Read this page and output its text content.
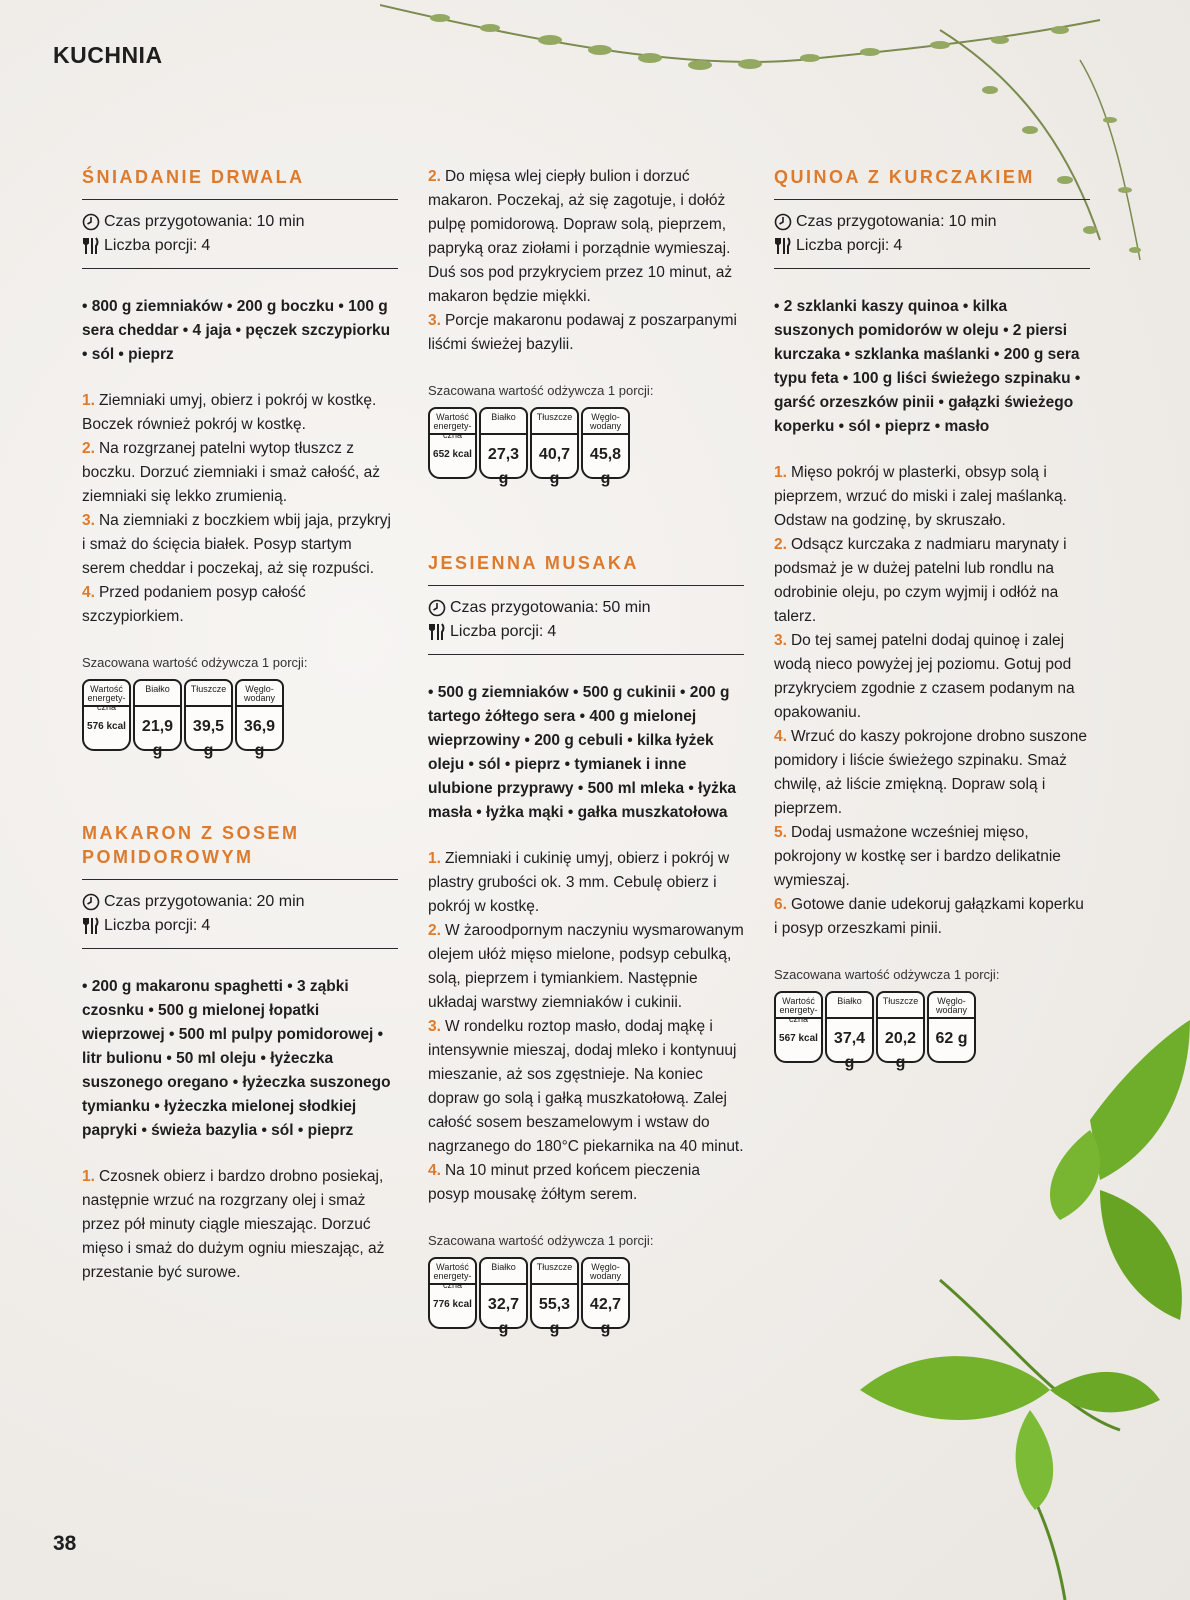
KUCHNIA
38
ŚNIADANIE DRWALA
Czas przygotowania: 10 min
Liczba porcji: 4
• 800 g ziemniaków • 200 g boczku • 100 g sera cheddar • 4 jaja • pęczek szczypiorku • sól • pieprz

1. Ziemniaki umyj, obierz i pokrój w kostkę. Boczek również pokrój w kostkę.

2. Na rozgrzanej patelni wytop tłuszcz z boczku. Dorzuć ziemniaki i smaż całość, aż ziemniaki się lekko zrumienią.

3. Na ziemniaki z boczkiem wbij jaja, przykryj i smaż do ścięcia białek. Posyp startym serem cheddar i poczekaj, aż się rozpuści.

4. Przed podaniem posyp całość szczypiorkiem.

Szacowana wartość odżywcza 1 porcji:
Wartość energety- czna
576 kcal
Białko
21,9 g
Tłuszcze
39,5 g
Węglo- wodany
36,9 g
MAKARON Z SOSEM POMIDOROWYM
Czas przygotowania: 20 min
Liczba porcji: 4
• 200 g makaronu spaghetti • 3 ząbki czosnku • 500 g mielonej łopatki wieprzowej • 500 ml pulpy pomidorowej • litr bulionu • 50 ml oleju • łyżeczka suszonego oregano • łyżeczka suszonego tymianku • łyżeczka mielonej słodkiej papryki • świeża bazylia • sól • pieprz

1. Czosnek obierz i bardzo drobno posiekaj, następnie wrzuć na rozgrzany olej i smaż przez pół minuty ciągle mieszając. Dorzuć mięso i smaż do dużym ogniu mieszając, aż przestanie być surowe.

2. Do mięsa wlej ciepły bulion i dorzuć makaron. Poczekaj, aż się zagotuje, i dołóż pulpę pomidorową. Dopraw solą, pieprzem, papryką oraz ziołami i porządnie wymieszaj. Duś sos pod przykryciem przez 10 minut, aż makaron będzie miękki.

3. Porcje makaronu podawaj z poszarpanymi liśćmi świeżej bazylii.

Szacowana wartość odżywcza 1 porcji:
Wartość energety- czna
652 kcal
Białko
27,3 g
Tłuszcze
40,7 g
Węglo- wodany
45,8 g
JESIENNA MUSAKA
Czas przygotowania: 50 min
Liczba porcji: 4
• 500 g ziemniaków • 500 g cukinii • 200 g tartego żółtego sera • 400 g mielonej wieprzowiny • 200 g cebuli • kilka łyżek oleju • sól • pieprz • tymianek i inne ulubione przyprawy • 500 ml mleka • łyżka masła • łyżka mąki • gałka muszkatołowa

1. Ziemniaki i cukinię umyj, obierz i pokrój w plastry grubości ok. 3 mm. Cebulę obierz i pokrój w kostkę.

2. W żaroodpornym naczyniu wysmarowanym olejem ułóż mięso mielone, podsyp cebulką, solą, pieprzem i tymiankiem. Następnie układaj warstwy ziemniaków i cukinii.

3. W rondelku roztop masło, dodaj mąkę i intensywnie mieszaj, dodaj mleko i kontynuuj mieszanie, aż sos zgęstnieje. Na koniec dopraw go solą i gałką muszkatołową. Zalej całość sosem beszamelowym i wstaw do nagrzanego do 180°C piekarnika na 40 minut.

4. Na 10 minut przed końcem pieczenia posyp mousakę żółtym serem.

Szacowana wartość odżywcza 1 porcji:
Wartość energety- czna
776 kcal
Białko
32,7 g
Tłuszcze
55,3 g
Węglo- wodany
42,7 g
QUINOA Z KURCZAKIEM
Czas przygotowania: 10 min
Liczba porcji: 4
• 2 szklanki kaszy quinoa • kilka suszonych pomidorów w oleju • 2 piersi kurczaka • szklanka maślanki • 200 g sera typu feta • 100 g liści świeżego szpinaku • garść orzeszków pinii • gałązki świeżego koperku • sól • pieprz • masło

1. Mięso pokrój w plasterki, obsyp solą i pieprzem, wrzuć do miski i zalej maślanką. Odstaw na godzinę, by skruszało.

2. Odsącz kurczaka z nadmiaru marynaty i podsmaż je w dużej patelni lub rondlu na odrobinie oleju, po czym wyjmij i odłóż na talerz.

3. Do tej samej patelni dodaj quinoę i zalej wodą nieco powyżej jej poziomu. Gotuj pod przykryciem zgodnie z czasem podanym na opakowaniu.

4. Wrzuć do kaszy pokrojone drobno suszone pomidory i liście świeżego szpinaku. Smaż chwilę, aż liście zmiękną. Dopraw solą i pieprzem.

5. Dodaj usmażone wcześniej mięso, pokrojony w kostkę ser i bardzo delikatnie wymieszaj.

6. Gotowe danie udekoruj gałązkami koperku i posyp orzeszkami pinii.

Szacowana wartość odżywcza 1 porcji:
Wartość energety- czna
567 kcal
Białko
37,4 g
Tłuszcze
20,2 g
Węglo- wodany
62 g
